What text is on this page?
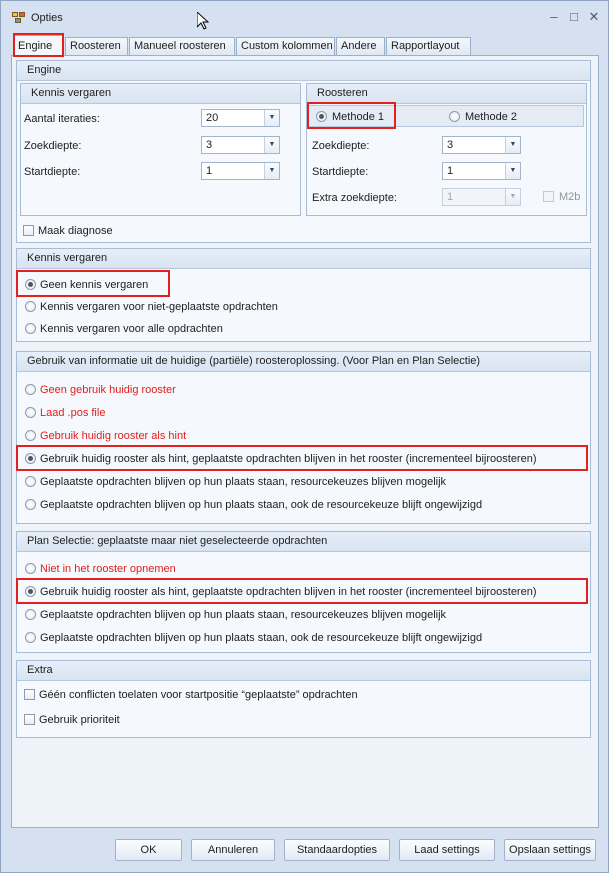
Opties	– □ ✕
Engine	Roosteren	Manueel roosteren	Custom kolommen Andere	Rapportlayout
Engine
Kennis vergaren
Aantal iteraties:	20	▼
Zoekdiepte:	3	▼
Startdiepte:	1	▼
Roosteren
Methode 1	Methode 2
Zoekdiepte:	3	▼
Startdiepte:	1	▼
Extra zoekdiepte:	1	▼	M2b
Maak diagnose
Kennis vergaren
Geen kennis vergaren
Kennis vergaren voor niet-geplaatste opdrachten
Kennis vergaren voor alle opdrachten
Gebruik van informatie uit de huidige (partiële) roosteroplossing. (Voor Plan en Plan Selectie)
Geen gebruik huidig rooster
Laad .pos file
Gebruik huidig rooster als hint
Gebruik huidig rooster als hint, geplaatste opdrachten blijven in het rooster (incrementeel bijroosteren)
Geplaatste opdrachten blijven op hun plaats staan, resourcekeuzes blijven mogelijk
Geplaatste opdrachten blijven op hun plaats staan, ook de resourcekeuze blijft ongewijzigd
Plan Selectie: geplaatste maar niet geselecteerde opdrachten
Niet in het rooster opnemen
Gebruik huidig rooster als hint, geplaatste opdrachten blijven in het rooster (incrementeel bijroosteren)
Geplaatste opdrachten blijven op hun plaats staan, resourcekeuzes blijven mogelijk
Geplaatste opdrachten blijven op hun plaats staan, ook de resourcekeuze blijft ongewijzigd
Extra
Géén conflicten toelaten voor startpositie “geplaatste” opdrachten
Gebruik prioriteit
OK	Annuleren	Standaardopties	Laad settings	Opslaan settings
